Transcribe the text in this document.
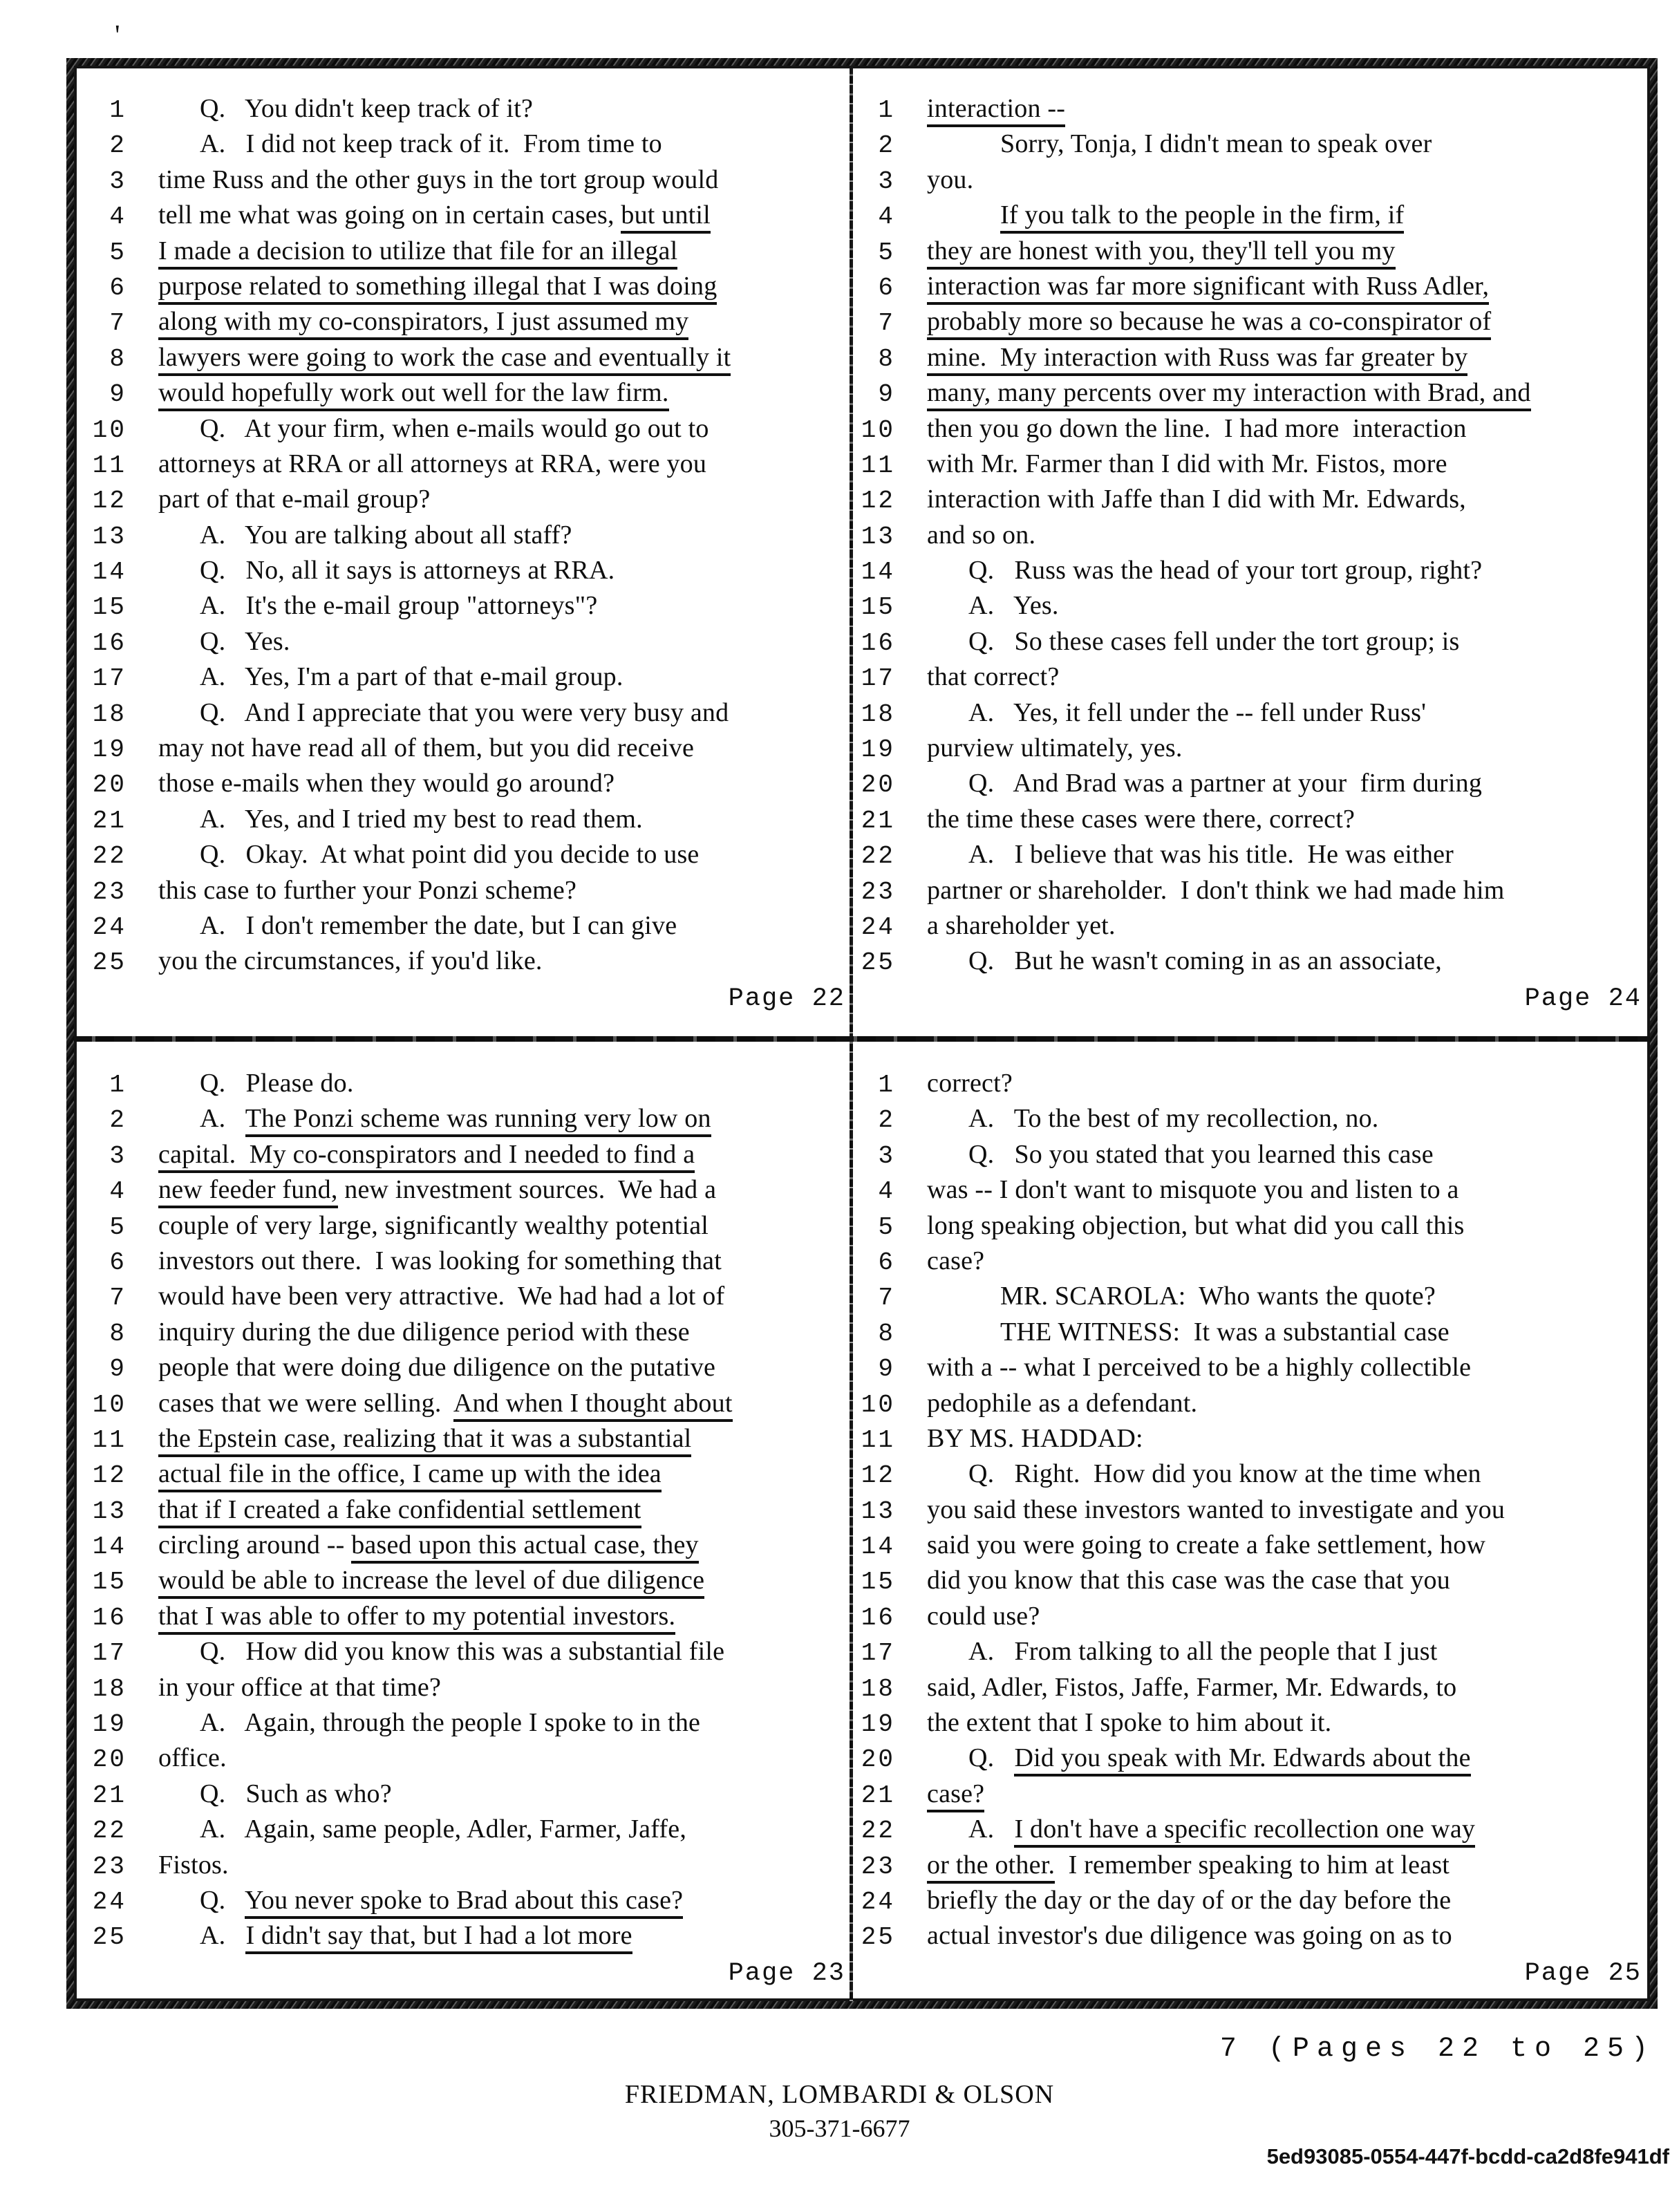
'
1	Q.   You didn't keep track of it?
2	A.   I did not keep track of it.  From time to
3 time Russ and the other guys in the tort group would
4 tell me what was going on in certain cases, but until
5 I made a decision to utilize that file for an illegal
6 purpose related to something illegal that I was doing
7 along with my co-conspirators, I just assumed my
8 lawyers were going to work the case and eventually it
9 would hopefully work out well for the law firm.
10	Q.   At your firm, when e-mails would go out to
11 attorneys at RRA or all attorneys at RRA, were you
12 part of that e-mail group?
13	A.   You are talking about all staff?
14	Q.   No, all it says is attorneys at RRA.
15	A.   It's the e-mail group "attorneys"?
16	Q.   Yes.
17	A.   Yes, I'm a part of that e-mail group.
18	Q.   And I appreciate that you were very busy and
19 may not have read all of them, but you did receive
20 those e-mails when they would go around?
21	A.   Yes, and I tried my best to read them.
22	Q.   Okay.  At what point did you decide to use
23 this case to further your Ponzi scheme?
24	A.   I don't remember the date, but I can give
25 you the circumstances, if you'd like.
Page 22
1 interaction --
2	Sorry, Tonja, I didn't mean to speak over
3 you.
4	If you talk to the people in the firm, if
5 they are honest with you, they'll tell you my
6 interaction was far more significant with Russ Adler,
7 probably more so because he was a co-conspirator of
8 mine.  My interaction with Russ was far greater by
9 many, many percents over my interaction with Brad, and
10 then you go down the line.  I had more  interaction
11 with Mr. Farmer than I did with Mr. Fistos, more
12 interaction with Jaffe than I did with Mr. Edwards,
13 and so on.
14	Q.   Russ was the head of your tort group, right?
15	A.   Yes.
16	Q.   So these cases fell under the tort group; is
17 that correct?
18	A.   Yes, it fell under the -- fell under Russ'
19 purview ultimately, yes.
20	Q.   And Brad was a partner at your  firm during
21 the time these cases were there, correct?
22	A.   I believe that was his title.  He was either
23 partner or shareholder.  I don't think we had made him
24 a shareholder yet.
25	Q.   But he wasn't coming in as an associate,
Page 24
1	Q.   Please do.
2	A.   The Ponzi scheme was running very low on
3 capital.  My co-conspirators and I needed to find a
4 new feeder fund, new investment sources.  We had a
5 couple of very large, significantly wealthy potential
6 investors out there.  I was looking for something that
7 would have been very attractive.  We had had a lot of
8 inquiry during the due diligence period with these
9 people that were doing due diligence on the putative
10 cases that we were selling.  And when I thought about
11 the Epstein case, realizing that it was a substantial
12 actual file in the office, I came up with the idea
13 that if I created a fake confidential settlement
14 circling around -- based upon this actual case, they
15 would be able to increase the level of due diligence
16 that I was able to offer to my potential investors.
17	Q.   How did you know this was a substantial file
18 in your office at that time?
19	A.   Again, through the people I spoke to in the
20 office.
21	Q.   Such as who?
22	A.   Again, same people, Adler, Farmer, Jaffe,
23 Fistos.
24	Q.   You never spoke to Brad about this case?
25	A.   I didn't say that, but I had a lot more
Page 23
1 correct?
2	A.   To the best of my recollection, no.
3	Q.   So you stated that you learned this case
4 was -- I don't want to misquote you and listen to a
5 long speaking objection, but what did you call this
6 case?
7	MR. SCAROLA:  Who wants the quote?
8	THE WITNESS:  It was a substantial case
9 with a -- what I perceived to be a highly collectible
10 pedophile as a defendant.
11 BY MS. HADDAD:
12	Q.   Right.  How did you know at the time when
13 you said these investors wanted to investigate and you
14 said you were going to create a fake settlement, how
15 did you know that this case was the case that you
16 could use?
17	A.   From talking to all the people that I just
18 said, Adler, Fistos, Jaffe, Farmer, Mr. Edwards, to
19 the extent that I spoke to him about it.
20	Q.   Did you speak with Mr. Edwards about the
21 case?
22	A.   I don't have a specific recollection one way
23 or the other.  I remember speaking to him at least
24 briefly the day or the day of or the day before the
25 actual investor's due diligence was going on as to
Page 25
7 (Pages 22 to 25)
FRIEDMAN, LOMBARDI & OLSON
305-371-6677
5ed93085-0554-447f-bcdd-ca2d8fe941df
